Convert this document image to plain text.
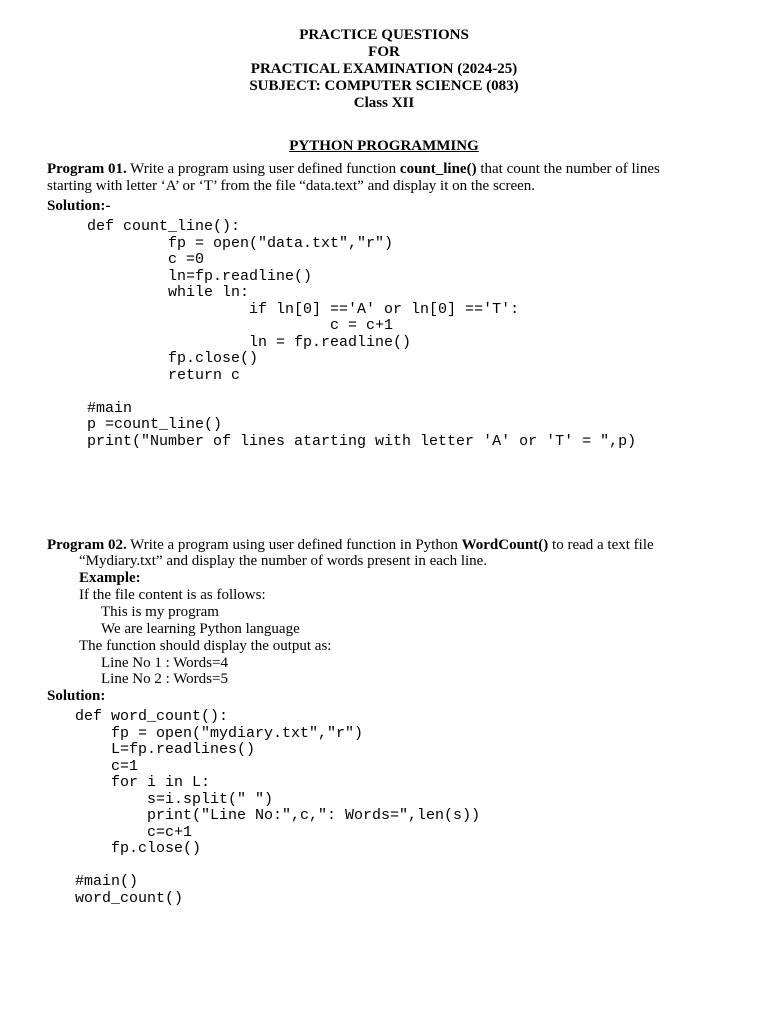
PRACTICE QUESTIONS
FOR
PRACTICAL EXAMINATION (2024-25)
SUBJECT: COMPUTER SCIENCE (083)
Class XII
PYTHON PROGRAMMING
Program 01. Write a program using user defined function count_line() that count the number of lines
starting with letter ‘A’ or ‘T’ from the file “data.text” and display it on the screen.
Solution:-
def count_line():
fp = open("data.txt","r")
c =0
ln=fp.readline()
while ln:
if ln[0] =='A' or ln[0] =='T':
c = c+1
ln = fp.readline()
fp.close()
return c
#main
p =count_line()
print("Number of lines atarting with letter 'A' or 'T' = ",p)
Program 02. Write a program using user defined function in Python WordCount() to read a text file
“Mydiary.txt” and display the number of words present in each line.
Example:
If the file content is as follows:
This is my program
We are learning Python language
The function should display the output as:
Line No 1 : Words=4
Line No 2 : Words=5
Solution:
def word_count():
fp = open("mydiary.txt","r")
L=fp.readlines()
c=1
for i in L:
s=i.split(" ")
print("Line No:",c,": Words=",len(s))
c=c+1
fp.close()
#main()
word_count()
